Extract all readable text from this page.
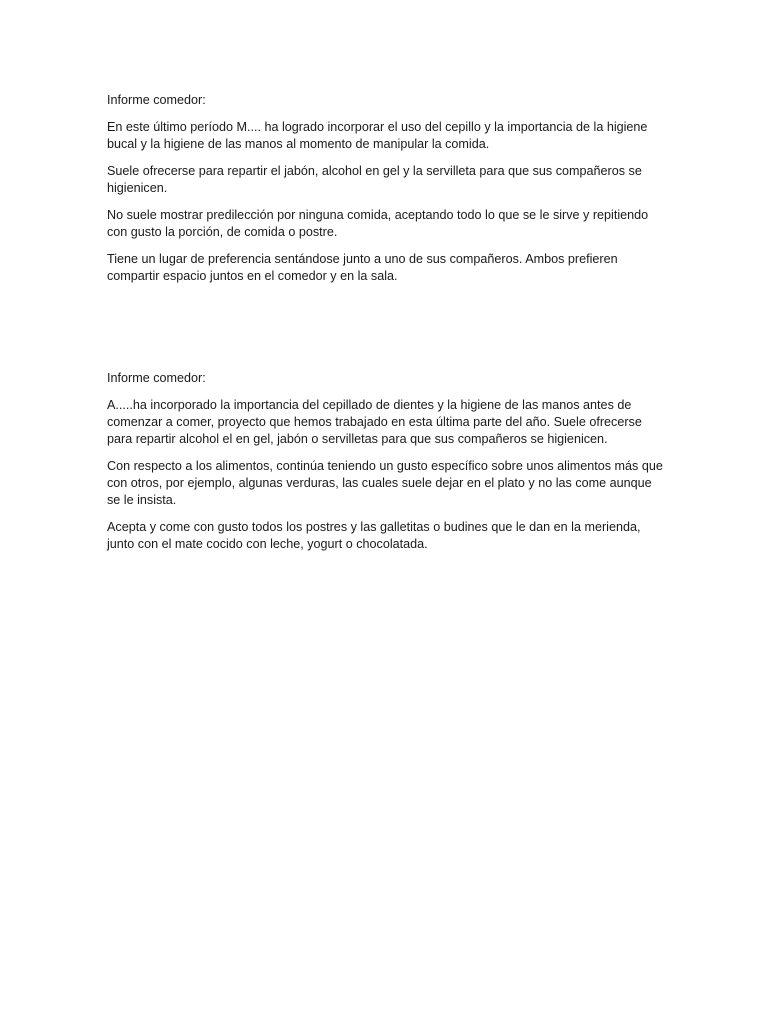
Informe comedor:

En este último período M.... ha logrado incorporar el uso del cepillo y la importancia de la higiene bucal y la higiene de las manos al momento de manipular la comida.

Suele ofrecerse para repartir el jabón, alcohol en gel y la servilleta para que sus compañeros se higienicen.

No suele mostrar predilección por ninguna comida, aceptando todo lo que se le sirve y repitiendo con gusto la porción, de comida o postre.

Tiene un lugar de preferencia sentándose junto a uno de sus compañeros. Ambos prefieren compartir espacio juntos en el comedor y en la sala.

Informe comedor:

A.....ha incorporado la importancia del cepillado de dientes y la higiene de las manos antes de comenzar a comer, proyecto que hemos trabajado en esta última parte del año. Suele ofrecerse para repartir alcohol el en gel, jabón o servilletas para que sus compañeros se higienicen.

Con respecto a los alimentos, continúa teniendo un gusto específico sobre unos alimentos más que con otros, por ejemplo, algunas verduras, las cuales suele dejar en el plato y no las come aunque se le insista.

Acepta y come con gusto todos los postres y las galletitas o budines que le dan en la merienda, junto con el mate cocido con leche, yogurt o chocolatada.
